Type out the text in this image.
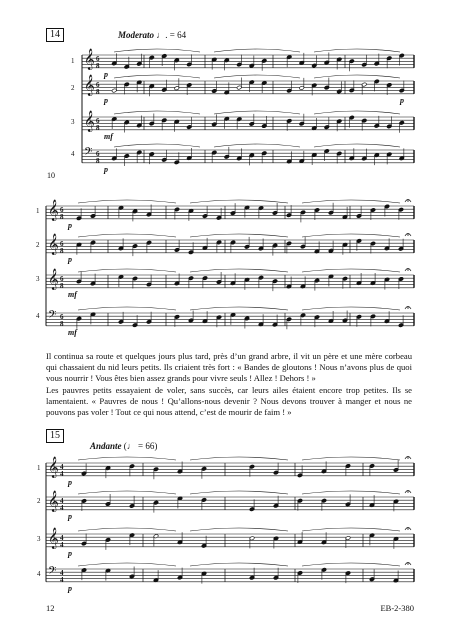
14	Moderato ♩. = 64
10
15
Andante (♩ = 66)
1
2
3
4
1
2
3
4
1
2
3
4
𝄞
𝄞
𝄞
𝄢
6
8
6
8
6
8
6
8
p
p
mf
p
p
𝄞
𝄞
𝄞
𝄢
6
8
6
8
6
8
6
8
p
p
mf
mf
𝄞
𝄞
𝄞
𝄢
4
4
4
4
4
4
4
4
p
p
p
p

Il continua sa route et quelques jours plus tard, près d’un grand arbre, il vit un père et une mère corbeau qui chassaient du nid leurs petits. Ils criaient très fort : « Bandes de gloutons ! Nous n’avons plus de quoi vous nourrir ! Vous êtes bien assez grands pour vivre seuls ! Allez ! Dehors ! »

Les pauvres petits essayaient de voler, sans succès, car leurs ailes étaient encore trop petites. Ils se lamentaient. « Pauvres de nous ! Qu’allons-nous devenir ? Nous devons trouver à manger et nous ne pouvons pas voler ! Tout ce qui nous attend, c’est de mourir de faim ! »

12	EB-2-380
